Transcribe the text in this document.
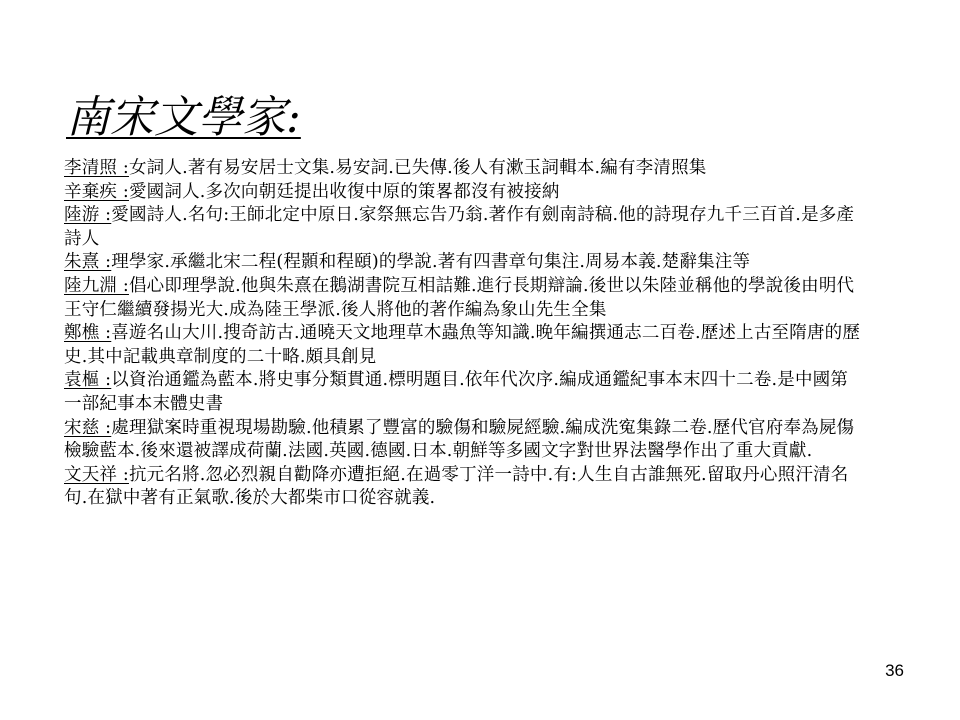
南宋文學家:
李清照 :女詞人.著有易安居士文集.易安詞.已失傳.後人有漱玉詞輯本.編有李清照集
辛棄疾 :愛國詞人.多次向朝廷提出收復中原的策畧都沒有被接納
陸游 :愛國詩人.名句:王師北定中原日.家祭無忘告乃翁.著作有劍南詩稿.他的詩現存九千三百首.是多產詩人
朱熹 :理學家.承繼北宋二程(程顥和程頤)的學說.著有四書章句集注.周易本義.楚辭集注等
陸九淵 :倡心即理學說.他與朱熹在鵝湖書院互相詰難.進行長期辯論.後世以朱陸並稱他的學說後由明代王守仁繼續發揚光大.成為陸王學派.後人將他的著作編為象山先生全集
鄭樵 :喜遊名山大川.搜奇訪古.通曉天文地理草木蟲魚等知識.晚年編撰通志二百卷.歷述上古至隋唐的歷史.其中記載典章制度的二十略.頗具創見
袁樞 :以資治通鑑為藍本.將史事分類貫通.標明題目.依年代次序.編成通鑑紀事本末四十二卷.是中國第一部紀事本末體史書
宋慈 :處理獄案時重視現場勘驗.他積累了豐富的驗傷和驗屍經驗.編成洗寃集錄二卷.歷代官府奉為屍傷檢驗藍本.後來還被譯成荷蘭.法國.英國.德國.日本.朝鮮等多國文字對世界法醫學作出了重大貢獻.
文天祥 :抗元名將.忽必烈親自勸降亦遭拒絕.在過零丁洋一詩中.有:人生自古誰無死.留取丹心照汗清名句.在獄中著有正氣歌.後於大都柴市口從容就義.
36
